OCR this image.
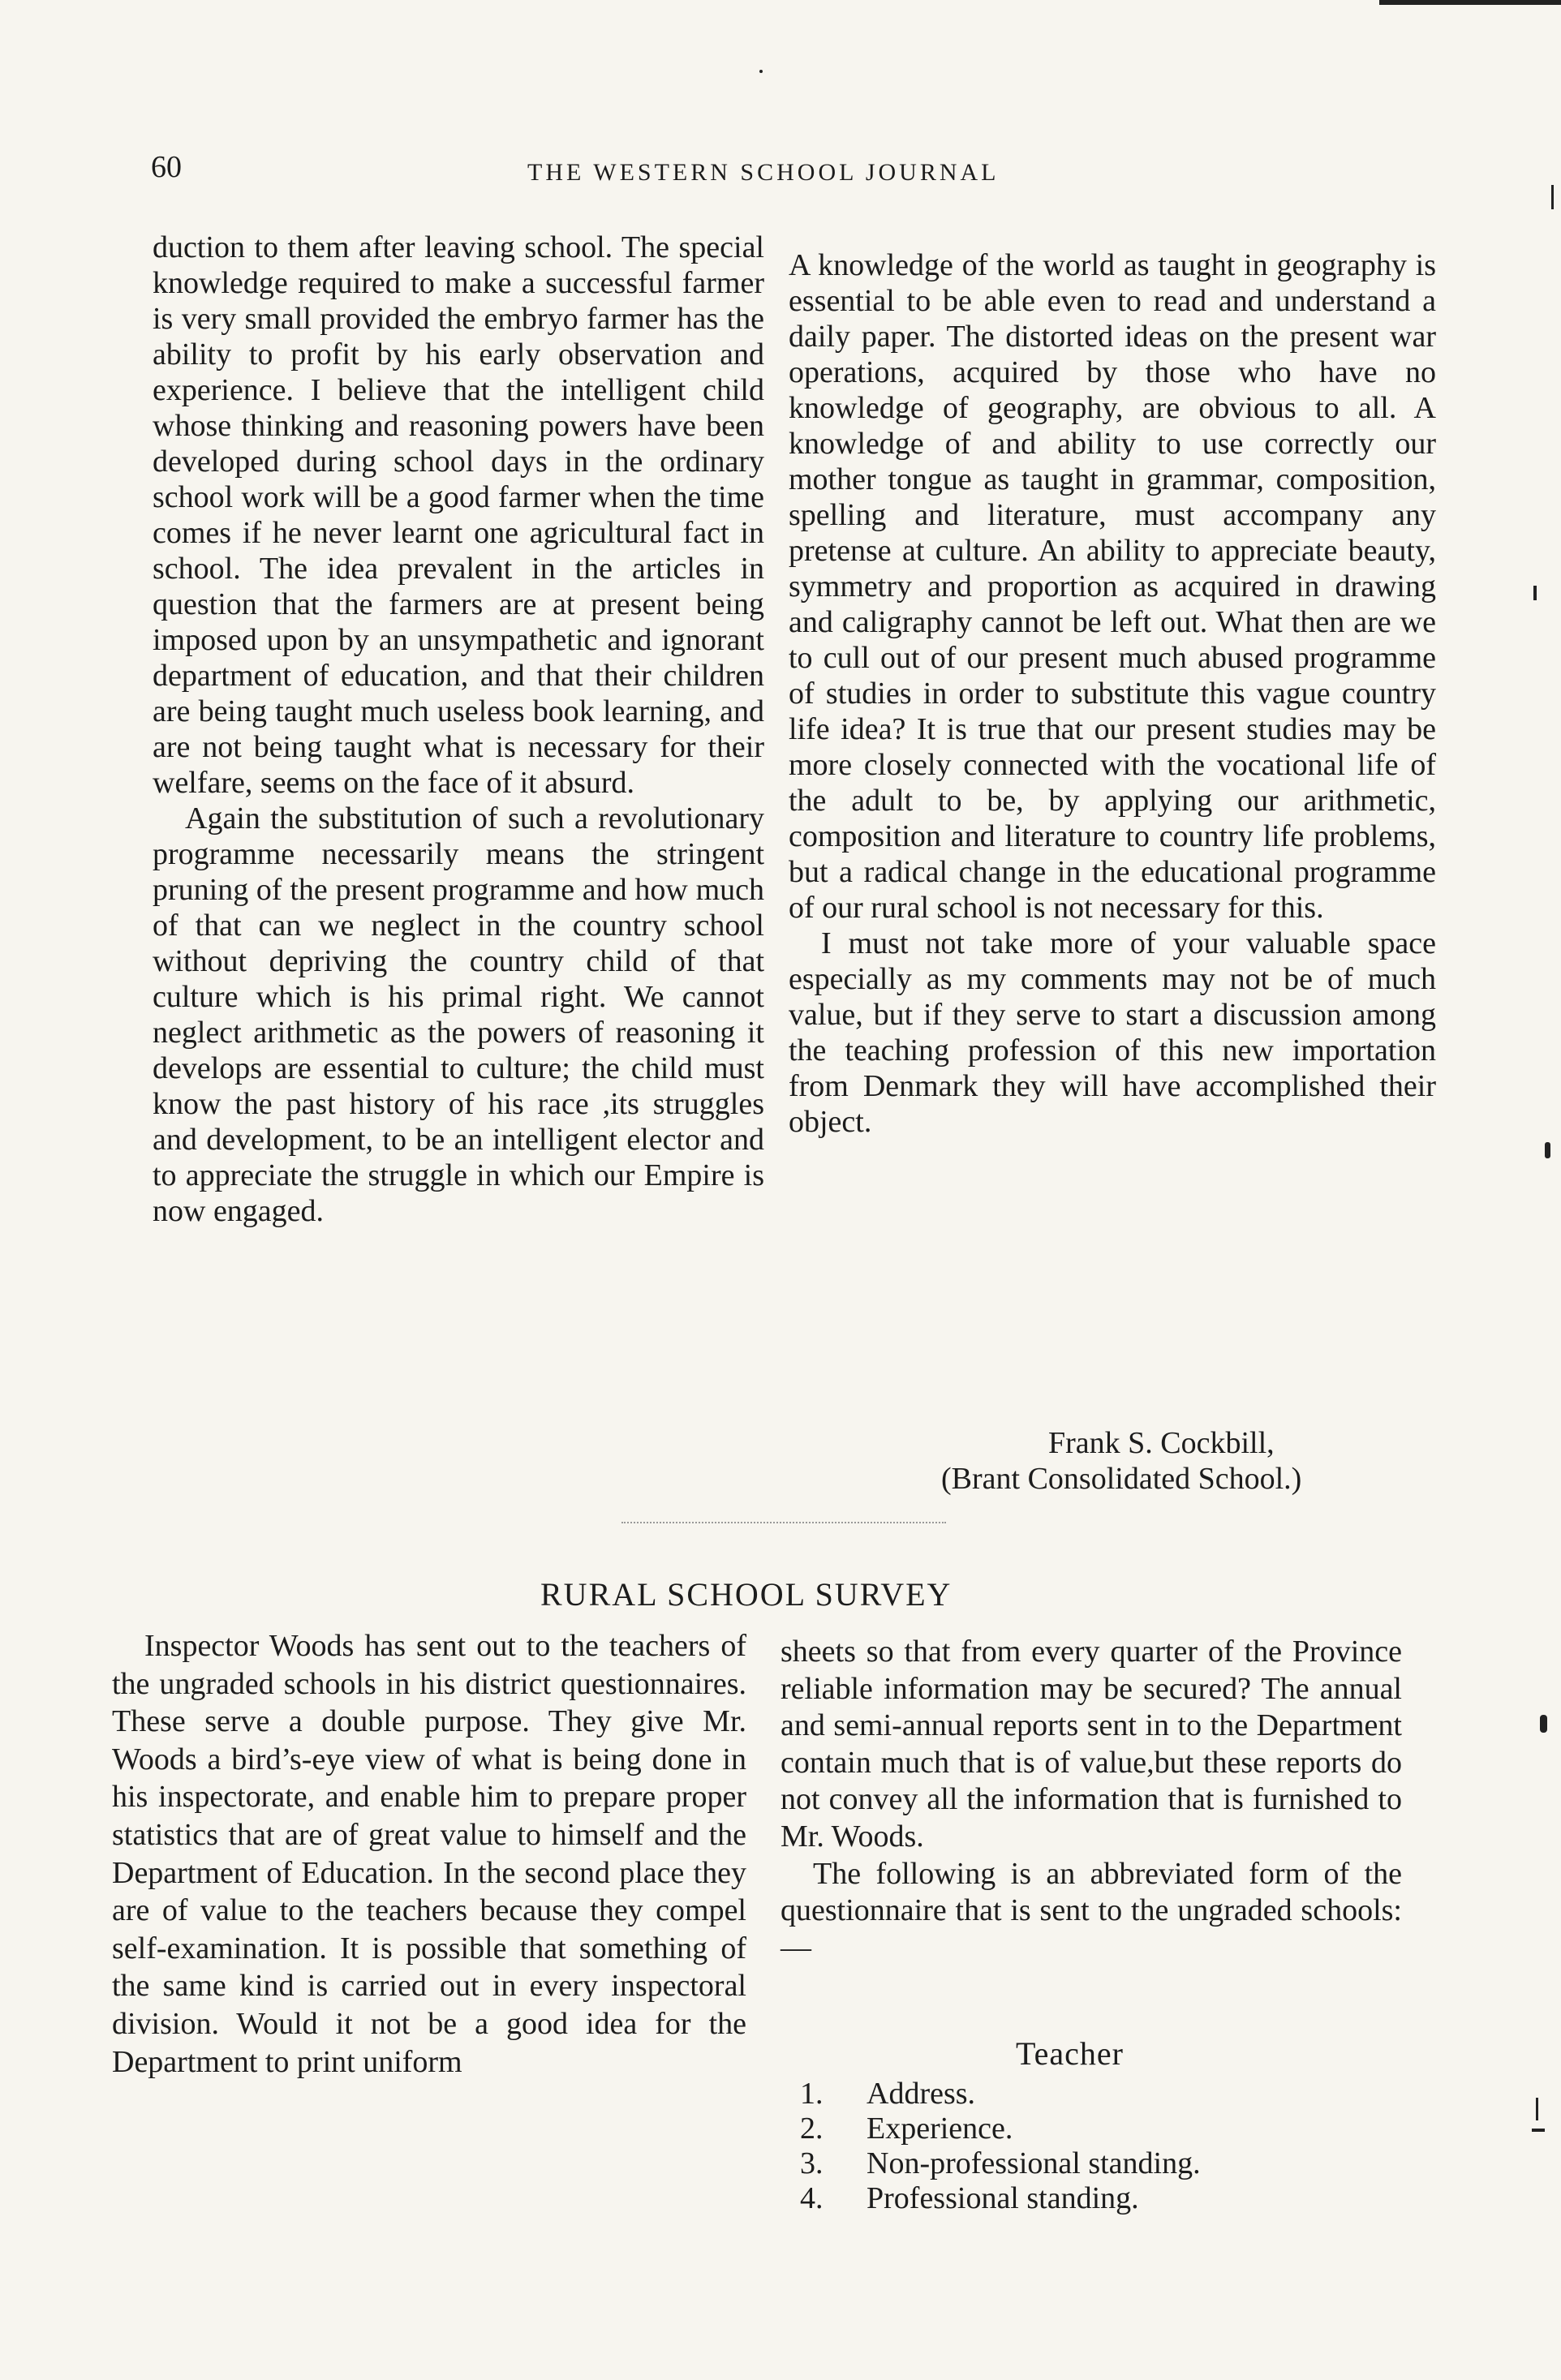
60	THE WESTERN SCHOOL JOURNAL

duction to them after leaving school. The special knowledge required to make a successful farmer is very small provided the embryo farmer has the ability to profit by his early observation and experience. I believe that the intelligent child whose thinking and reasoning powers have been developed during school days in the ordinary school work will be a good farmer when the time comes if he never learnt one agricultural fact in school. The idea prevalent in the articles in question that the farmers are at present being imposed upon by an unsympathetic and ignorant department of education, and that their children are being taught much useless book learning, and are not being taught what is necessary for their welfare, seems on the face of it absurd.

Again the substitution of such a revolutionary programme necessarily means the stringent pruning of the present programme and how much of that can we neglect in the country school without depriving the country child of that culture which is his primal right. We cannot neglect arithmetic as the powers of reasoning it develops are essential to culture; the child must know the past history of his race ,its struggles and development, to be an intelligent elector and to appreciate the struggle in which our Empire is now engaged.

A knowledge of the world as taught in geography is essential to be able even to read and understand a daily paper. The distorted ideas on the present war operations, acquired by those who have no knowledge of geography, are obvious to all. A knowledge of and ability to use correctly our mother tongue as taught in grammar, composition, spelling and literature, must accompany any pretense at culture. An ability to appreciate beauty, symmetry and proportion as acquired in drawing and caligraphy cannot be left out. What then are we to cull out of our present much abused programme of studies in order to substitute this vague country life idea? It is true that our present studies may be more closely connected with the vocational life of the adult to be, by applying our arithmetic, composition and literature to country life problems, but a radical change in the educational programme of our rural school is not necessary for this.

I must not take more of your valuable space especially as my comments may not be of much value, but if they serve to start a discussion among the teaching profession of this new importation from Denmark they will have accomplished their object.

Frank S. Cockbill,
(Brant Consolidated School.)
RURAL SCHOOL SURVEY

Inspector Woods has sent out to the teachers of the ungraded schools in his district questionnaires. These serve a double purpose. They give Mr. Woods a bird’s-eye view of what is being done in his inspectorate, and enable him to prepare proper statistics that are of great value to himself and the Department of Education. In the second place they are of value to the teachers because they compel self-examination. It is possible that something of the same kind is carried out in every inspectoral division. Would it not be a good idea for the Department to print uniform

sheets so that from every quarter of the Province reliable information may be secured? The annual and semi-annual reports sent in to the Department contain much that is of value,but these reports do not convey all the information that is furnished to Mr. Woods.

The following is an abbreviated form of the questionnaire that is sent to the ungraded schools:—

Teacher
1.	Address.
2.	Experience.
3.	Non-professional standing.
4.	Professional standing.
